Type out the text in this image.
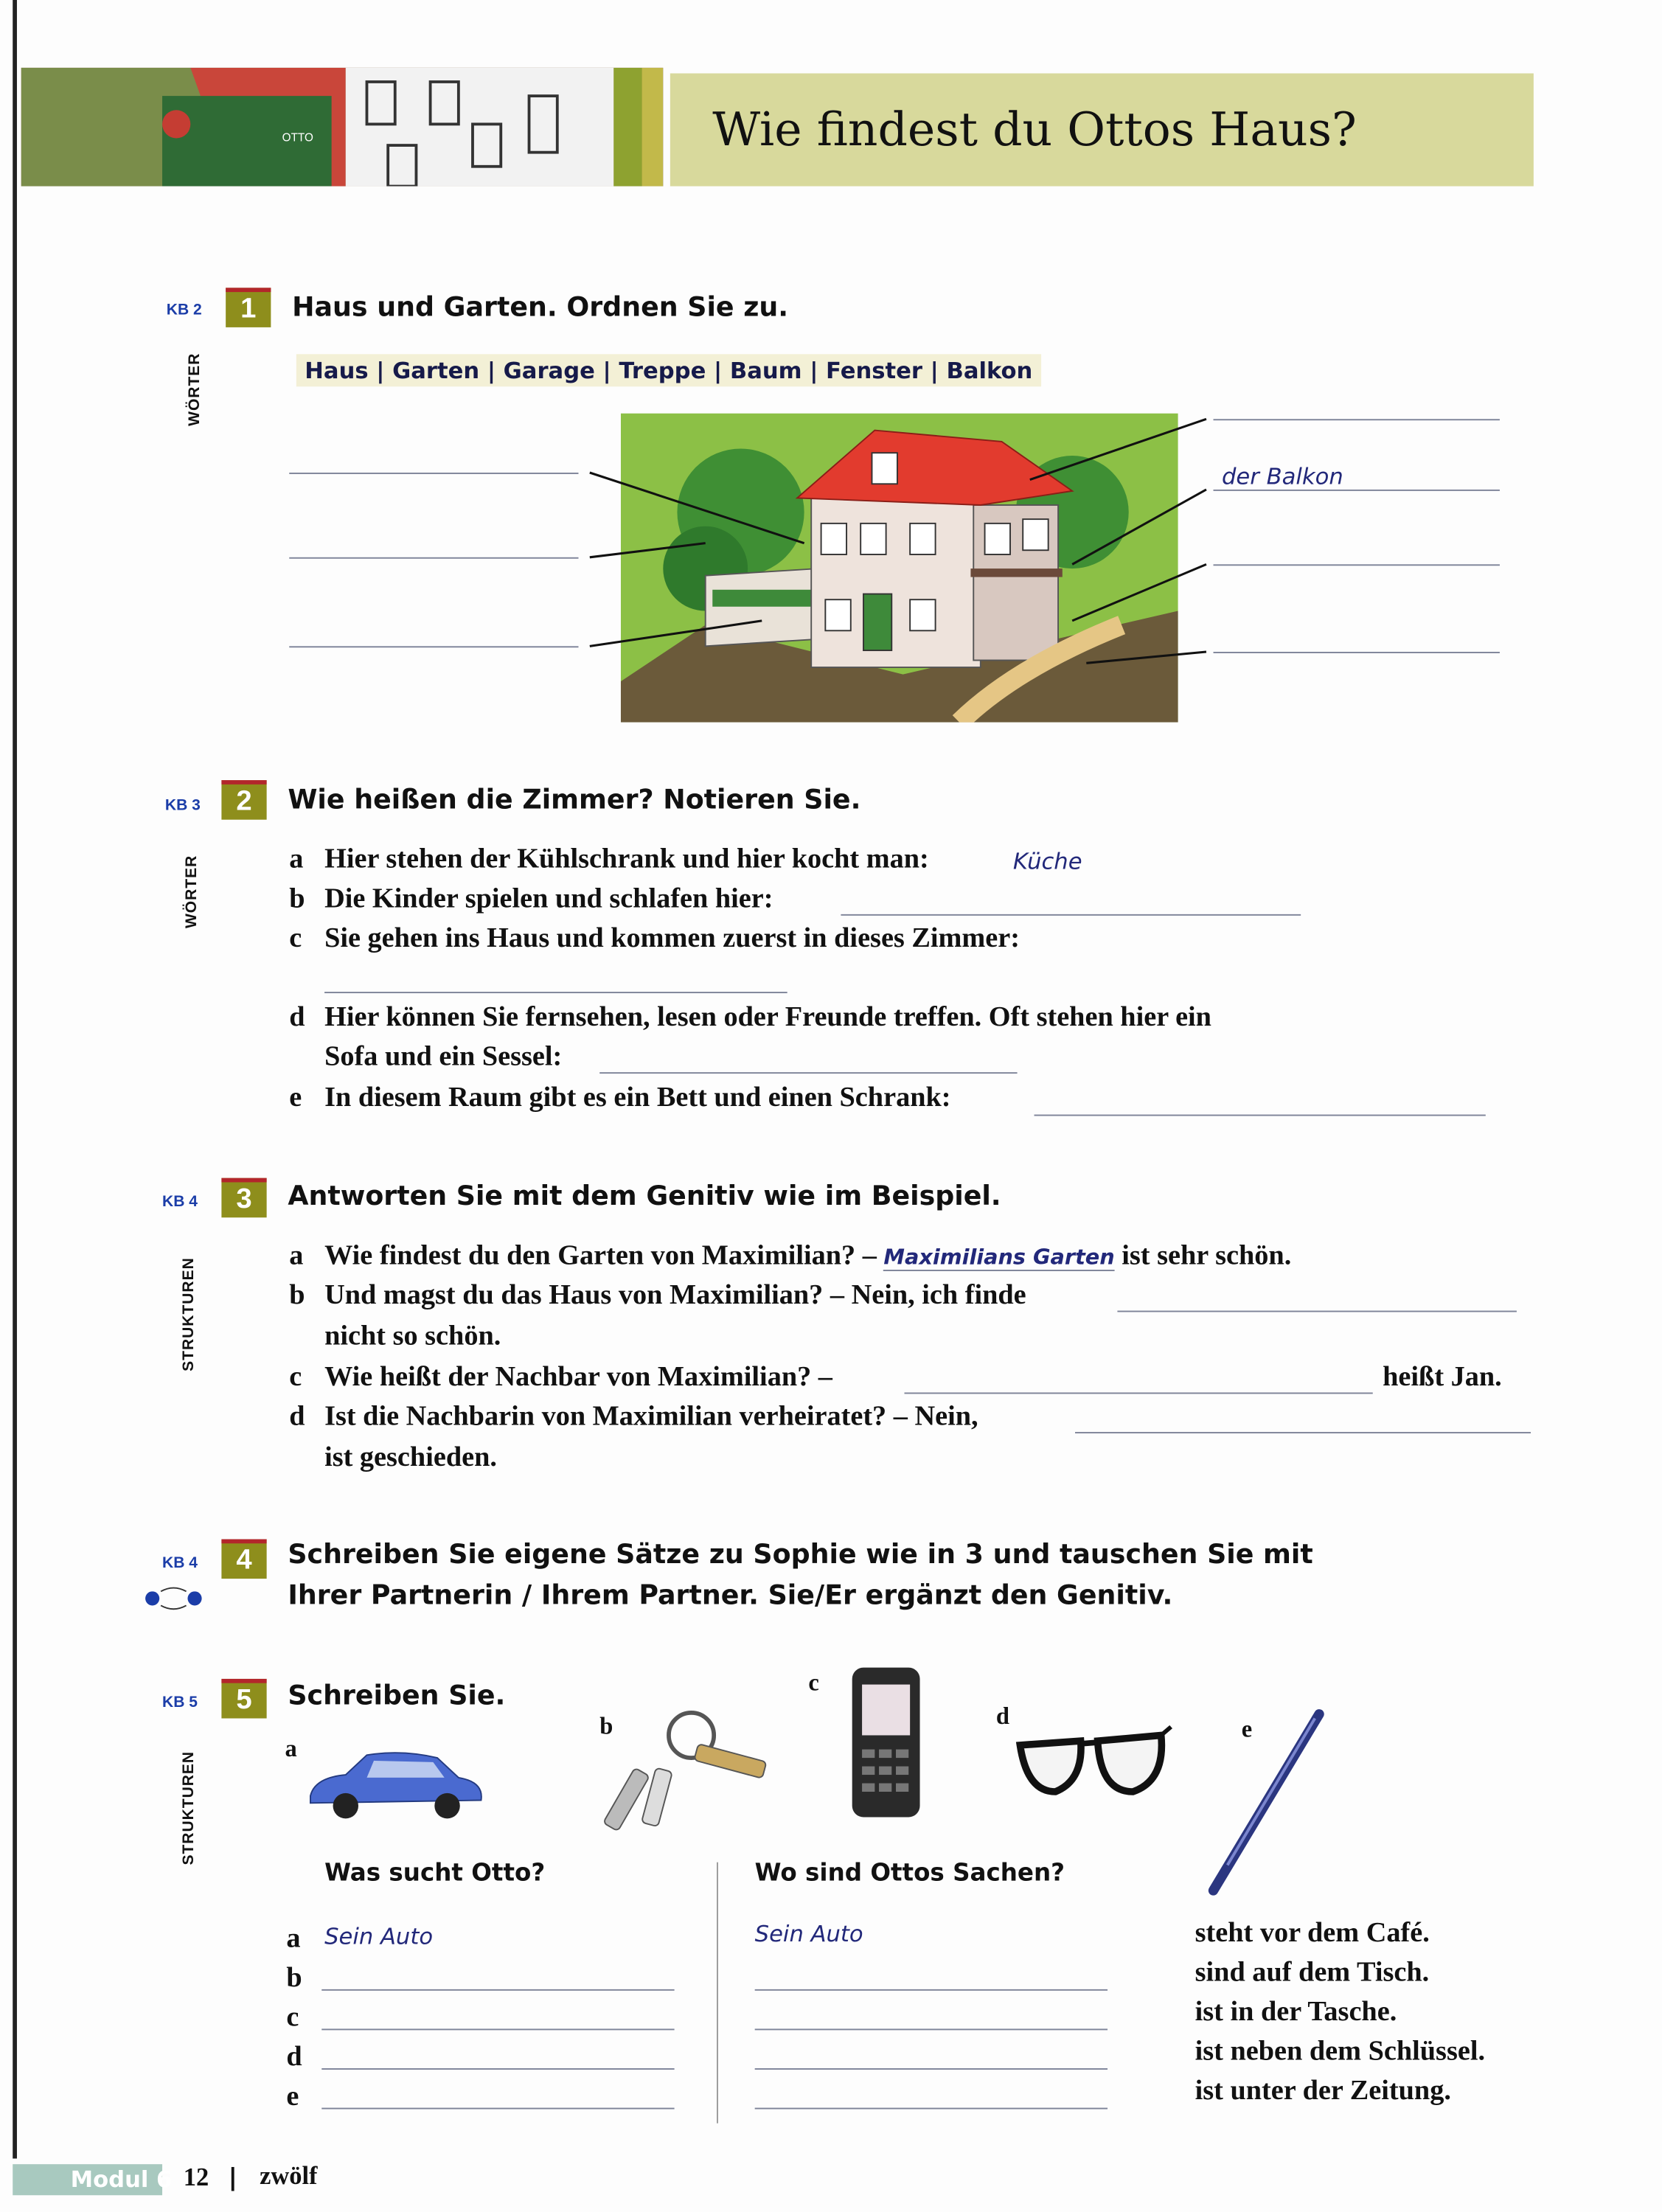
OTTO	Wie findest du Ottos Haus?
KB 2	1	Haus und Garten. Ordnen Sie zu.
WÖRTER	Haus | Garten | Garage | Treppe | Baum | Fenster | Balkon
der Balkon
KB 3	2	Wie heißen die Zimmer? Notieren Sie.
WÖRTER	a Hier stehen der Kühlschrank und hier kocht man:	Küche
b Die Kinder spielen und schlafen hier:
c Sie gehen ins Haus und kommen zuerst in dieses Zimmer:
d Hier können Sie fernsehen, lesen oder Freunde treffen. Oft stehen hier ein
Sofa und ein Sessel:
e In diesem Raum gibt es ein Bett und einen Schrank:
KB 4	3	Antworten Sie mit dem Genitiv wie im Beispiel.
STRUKTUREN
a Wie findest du den Garten von Maximilian? – Maximilians Garten ist sehr schön.
b Und magst du das Haus von Maximilian? – Nein, ich finde
nicht so schön.
c Wie heißt der Nachbar von Maximilian? –	heißt Jan.
d Ist die Nachbarin von Maximilian verheiratet? – Nein,
ist geschieden.
KB 4	4	Schreiben Sie eigene Sätze zu Sophie wie in 3 und tauschen Sie mit
Ihrer Partnerin / Ihrem Partner. Sie/Er ergänzt den Genitiv.
KB 5	5	Schreiben Sie.
STRUKTUREN
a
b
c
d	e
Was sucht Otto?	Wo sind Ottos Sachen?
a Sein Auto	Sein Auto	steht vor dem Café.
b	sind auf dem Tisch.
c	ist in der Tasche.
d	ist neben dem Schlüssel.
e	ist unter der Zeitung.
Modul 6 12	zwölf
